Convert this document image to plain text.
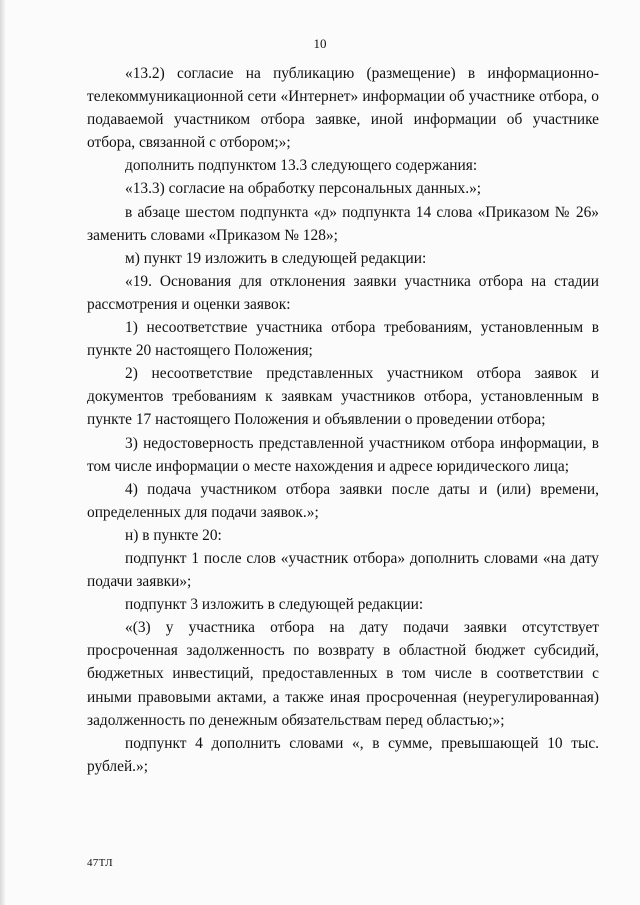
10

«13.2) согласие на публикацию (размещение) в информационно-телекоммуникационной сети «Интернет» информации об участнике отбора, о подаваемой участником отбора заявке, иной информации об участнике отбора, связанной с отбором;»;

дополнить подпунктом 13.3 следующего содержания:

«13.3) согласие на обработку персональных данных.»;

в абзаце шестом подпункта «д» подпункта 14 слова «Приказом № 26» заменить словами «Приказом № 128»;

м) пункт 19 изложить в следующей редакции:

«19. Основания для отклонения заявки участника отбора на стадии рассмотрения и оценки заявок:

1) несоответствие участника отбора требованиям, установленным в пункте 20 настоящего Положения;

2) несоответствие представленных участником отбора заявок и документов требованиям к заявкам участников отбора, установленным в пункте 17 настоящего Положения и объявлении о проведении отбора;

3) недостоверность представленной участником отбора информации, в том числе информации о месте нахождения и адресе юридического лица;

4) подача участником отбора заявки после даты и (или) времени, определенных для подачи заявок.»;

н) в пункте 20:

подпункт 1 после слов «участник отбора» дополнить словами «на дату подачи заявки»;

подпункт 3 изложить в следующей редакции:

«(3) у участника отбора на дату подачи заявки отсутствует просроченная задолженность по возврату в областной бюджет субсидий, бюджетных инвестиций, предоставленных в том числе в соответствии с иными правовыми актами, а также иная просроченная (неурегулированная) задолженность по денежным обязательствам перед областью;»;

подпункт 4 дополнить словами «, в сумме, превышающей 10 тыс. рублей.»;

47ТЛ
